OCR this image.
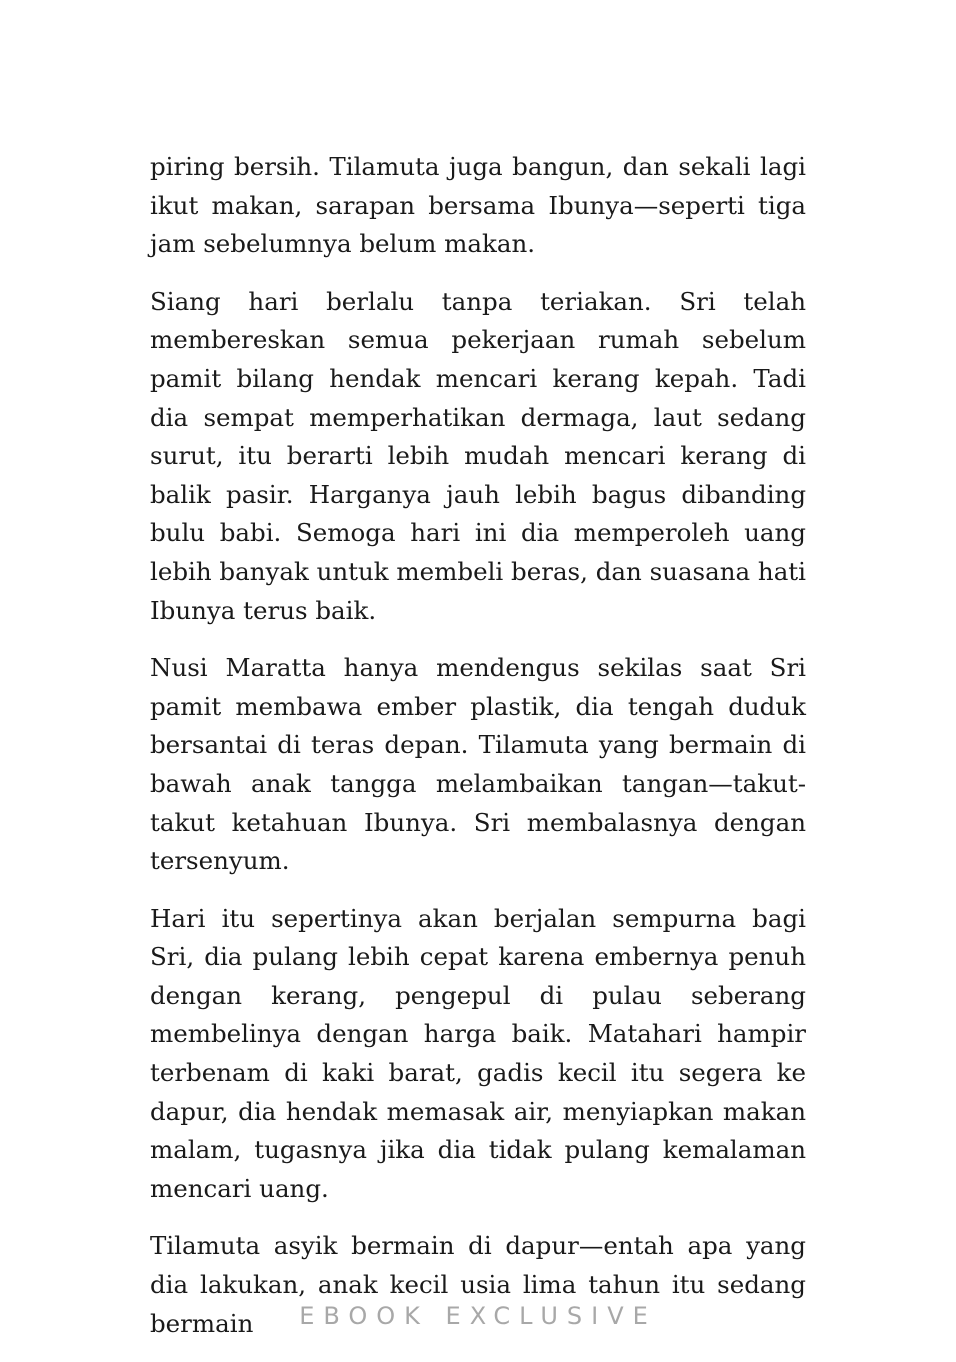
piring bersih. Tilamuta juga bangun, dan sekali lagi ikut makan, sarapan bersama Ibunya—seperti tiga jam sebelumnya belum makan.

Siang hari berlalu tanpa teriakan. Sri telah membereskan semua pekerjaan rumah sebelum pamit bilang hendak mencari kerang kepah. Tadi dia sempat memperhatikan dermaga, laut sedang surut, itu berarti lebih mudah mencari kerang di balik pasir. Harganya jauh lebih bagus dibanding bulu babi. Semoga hari ini dia memperoleh uang lebih banyak untuk membeli beras, dan suasana hati Ibunya terus baik.

Nusi Maratta hanya mendengus sekilas saat Sri pamit membawa ember plastik, dia tengah duduk bersantai di teras depan. Tilamuta yang bermain di bawah anak tangga melambaikan tangan—takut-takut ketahuan Ibunya. Sri membalasnya dengan tersenyum.

Hari itu sepertinya akan berjalan sempurna bagi Sri, dia pulang lebih cepat karena embernya penuh dengan kerang, pengepul di pulau seberang membelinya dengan harga baik. Matahari hampir terbenam di kaki barat, gadis kecil itu segera ke dapur, dia hendak memasak air, menyiapkan makan malam, tugasnya jika dia tidak pulang kemalaman mencari uang.

Tilamuta asyik bermain di dapur—entah apa yang dia lakukan, anak kecil usia lima tahun itu sedang bermain	EBOOK EXCLUSIVE
